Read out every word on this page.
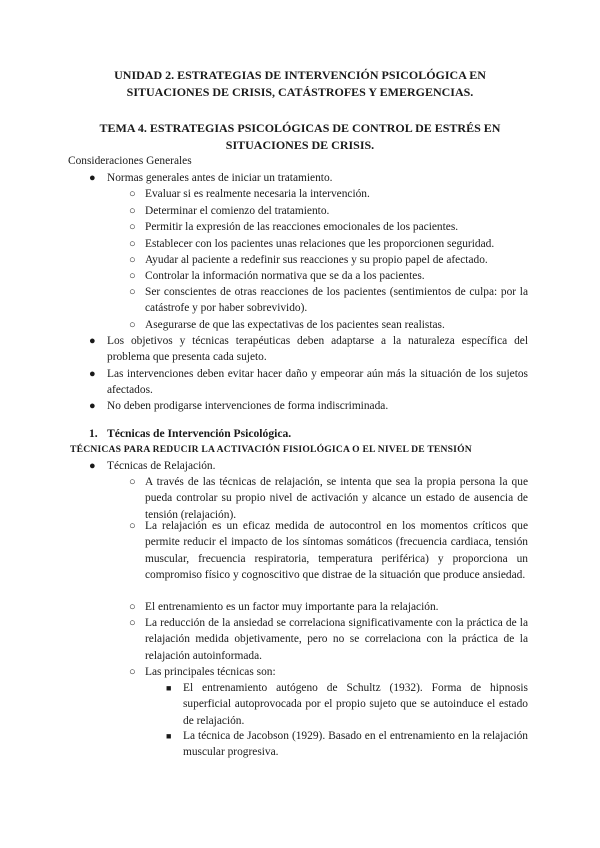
UNIDAD 2. ESTRATEGIAS DE INTERVENCIÓN PSICOLÓGICA EN SITUACIONES DE CRISIS, CATÁSTROFES Y EMERGENCIAS.
TEMA 4. ESTRATEGIAS PSICOLÓGICAS DE CONTROL DE ESTRÉS EN SITUACIONES DE CRISIS.
Consideraciones Generales
● Normas generales antes de iniciar un tratamiento.
○ Evaluar si es realmente necesaria la intervención.
○ Determinar el comienzo del tratamiento.
○ Permitir la expresión de las reacciones emocionales de los pacientes.
○ Establecer con los pacientes unas relaciones que les proporcionen seguridad.
○ Ayudar al paciente a redefinir sus reacciones y su propio papel de afectado.
○ Controlar la información normativa que se da a los pacientes.
○ Ser conscientes de otras reacciones de los pacientes (sentimientos de culpa: por la catástrofe y por haber sobrevivido).
○ Asegurarse de que las expectativas de los pacientes sean realistas.
● Los objetivos y técnicas terapéuticas deben adaptarse a la naturaleza específica del problema que presenta cada sujeto.
● Las intervenciones deben evitar hacer daño y empeorar aún más la situación de los sujetos afectados.
● No deben prodigarse intervenciones de forma indiscriminada.
1. Técnicas de Intervención Psicológica.
TÉCNICAS PARA REDUCIR LA ACTIVACIÓN FISIOLÓGICA O EL NIVEL DE TENSIÓN
● Técnicas de Relajación.
○ A través de las técnicas de relajación, se intenta que sea la propia persona la que pueda controlar su propio nivel de activación y alcance un estado de ausencia de tensión (relajación).
○ La relajación es un eficaz medida de autocontrol en los momentos críticos que permite reducir el impacto de los síntomas somáticos (frecuencia cardiaca, tensión muscular, frecuencia respiratoria, temperatura periférica) y proporciona un compromiso físico y cognoscitivo que distrae de la situación que produce ansiedad.
○ El entrenamiento es un factor muy importante para la relajación.
○ La reducción de la ansiedad se correlaciona significativamente con la práctica de la relajación medida objetivamente, pero no se correlaciona con la práctica de la relajación autoinformada.
○ Las principales técnicas son:
■ El entrenamiento autógeno de Schultz (1932). Forma de hipnosis superficial autoprovocada por el propio sujeto que se autoinduce el estado de relajación.
■ La técnica de Jacobson (1929). Basado en el entrenamiento en la relajación muscular progresiva.
